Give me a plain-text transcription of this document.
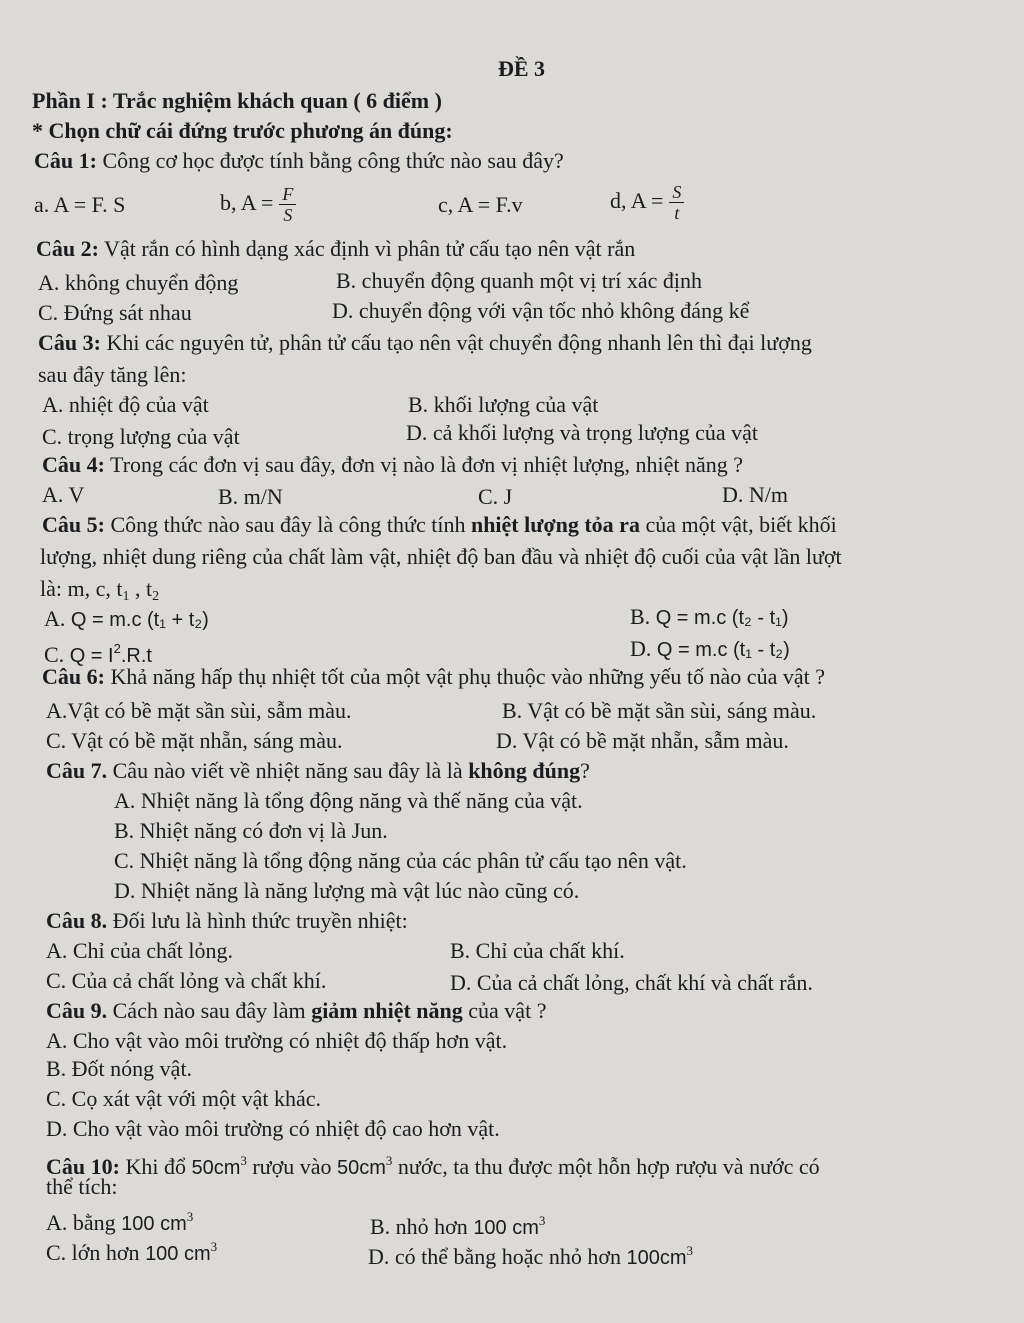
ĐỀ 3
Phần I : Trắc nghiệm khách quan ( 6 điểm )
* Chọn chữ cái đứng trước phương án đúng:
Câu 1: Công cơ học được tính bằng công thức nào sau đây?
a. A = F. S	b, $A = \frac{F}{S}$	c, A = F.v	d, $A = \frac{S}{t}$
Câu 2: Vật rắn có hình dạng xác định vì phân tử cấu tạo nên vật rắn
A. không chuyển động	B. chuyển động quanh một vị trí xác định
C. Đứng sát nhau	D. chuyển động với vận tốc nhỏ không đáng kể
Câu 3: Khi các nguyên tử, phân tử cấu tạo nên vật chuyển động nhanh lên thì đại lượng
sau đây tăng lên:
A. nhiệt độ của vật	B. khối lượng của vật
C. trọng lượng của vật	D. cả khối lượng và trọng lượng của vật
Câu 4: Trong các đơn vị sau đây, đơn vị nào là đơn vị nhiệt lượng, nhiệt năng ?
A. V	B. m/N	C. J	D. N/m
Câu 5: Công thức nào sau đây là công thức tính nhiệt lượng tỏa ra của một vật, biết khối
lượng, nhiệt dung riêng của chất làm vật, nhiệt độ ban đầu và nhiệt độ cuối của vật lần lượt
là: m, c, $t_1$ , $t_2$
A. Q = m.c (t₁ + t₂)	B. Q = m.c (t₂ - t₁)
C. $Q = I^2.R.t$	D. Q = m.c (t₁ - t₂)
Câu 6: Khả năng hấp thụ nhiệt tốt của một vật phụ thuộc vào những yếu tố nào của vật ?
A.Vật có bề mặt sần sùi, sẫm màu.	B. Vật có bề mặt sần sùi, sáng màu.
C. Vật có bề mặt nhẵn, sáng màu.	D. Vật có bề mặt nhẵn, sẫm màu.
Câu 7. Câu nào viết về nhiệt năng sau đây là là không đúng?
A. Nhiệt năng là tổng động năng và thế năng của vật.
B. Nhiệt năng có đơn vị là Jun.
C. Nhiệt năng là tổng động năng của các phân tử cấu tạo nên vật.
D. Nhiệt năng là năng lượng mà vật lúc nào cũng có.
Câu 8. Đối lưu là hình thức truyền nhiệt:
A. Chỉ của chất lỏng.	B. Chỉ của chất khí.
C. Của cả chất lỏng và chất khí.	D. Của cả chất lỏng, chất khí và chất rắn.
Câu 9. Cách nào sau đây làm giảm nhiệt năng của vật ?
A. Cho vật vào môi trường có nhiệt độ thấp hơn vật.
B. Đốt nóng vật.
C. Cọ xát vật với một vật khác.
D. Cho vật vào môi trường có nhiệt độ cao hơn vật.
Câu 10: Khi đổ $50cm^3$ rượu vào $50cm^3$ nước, ta thu được một hỗn hợp rượu và nước có
thể tích:
A. bằng 100 $cm^3$	B. nhỏ hơn 100 $cm^3$
C. lớn hơn 100 $cm^3$	D. có thể bằng hoặc nhỏ hơn $100cm^3$
